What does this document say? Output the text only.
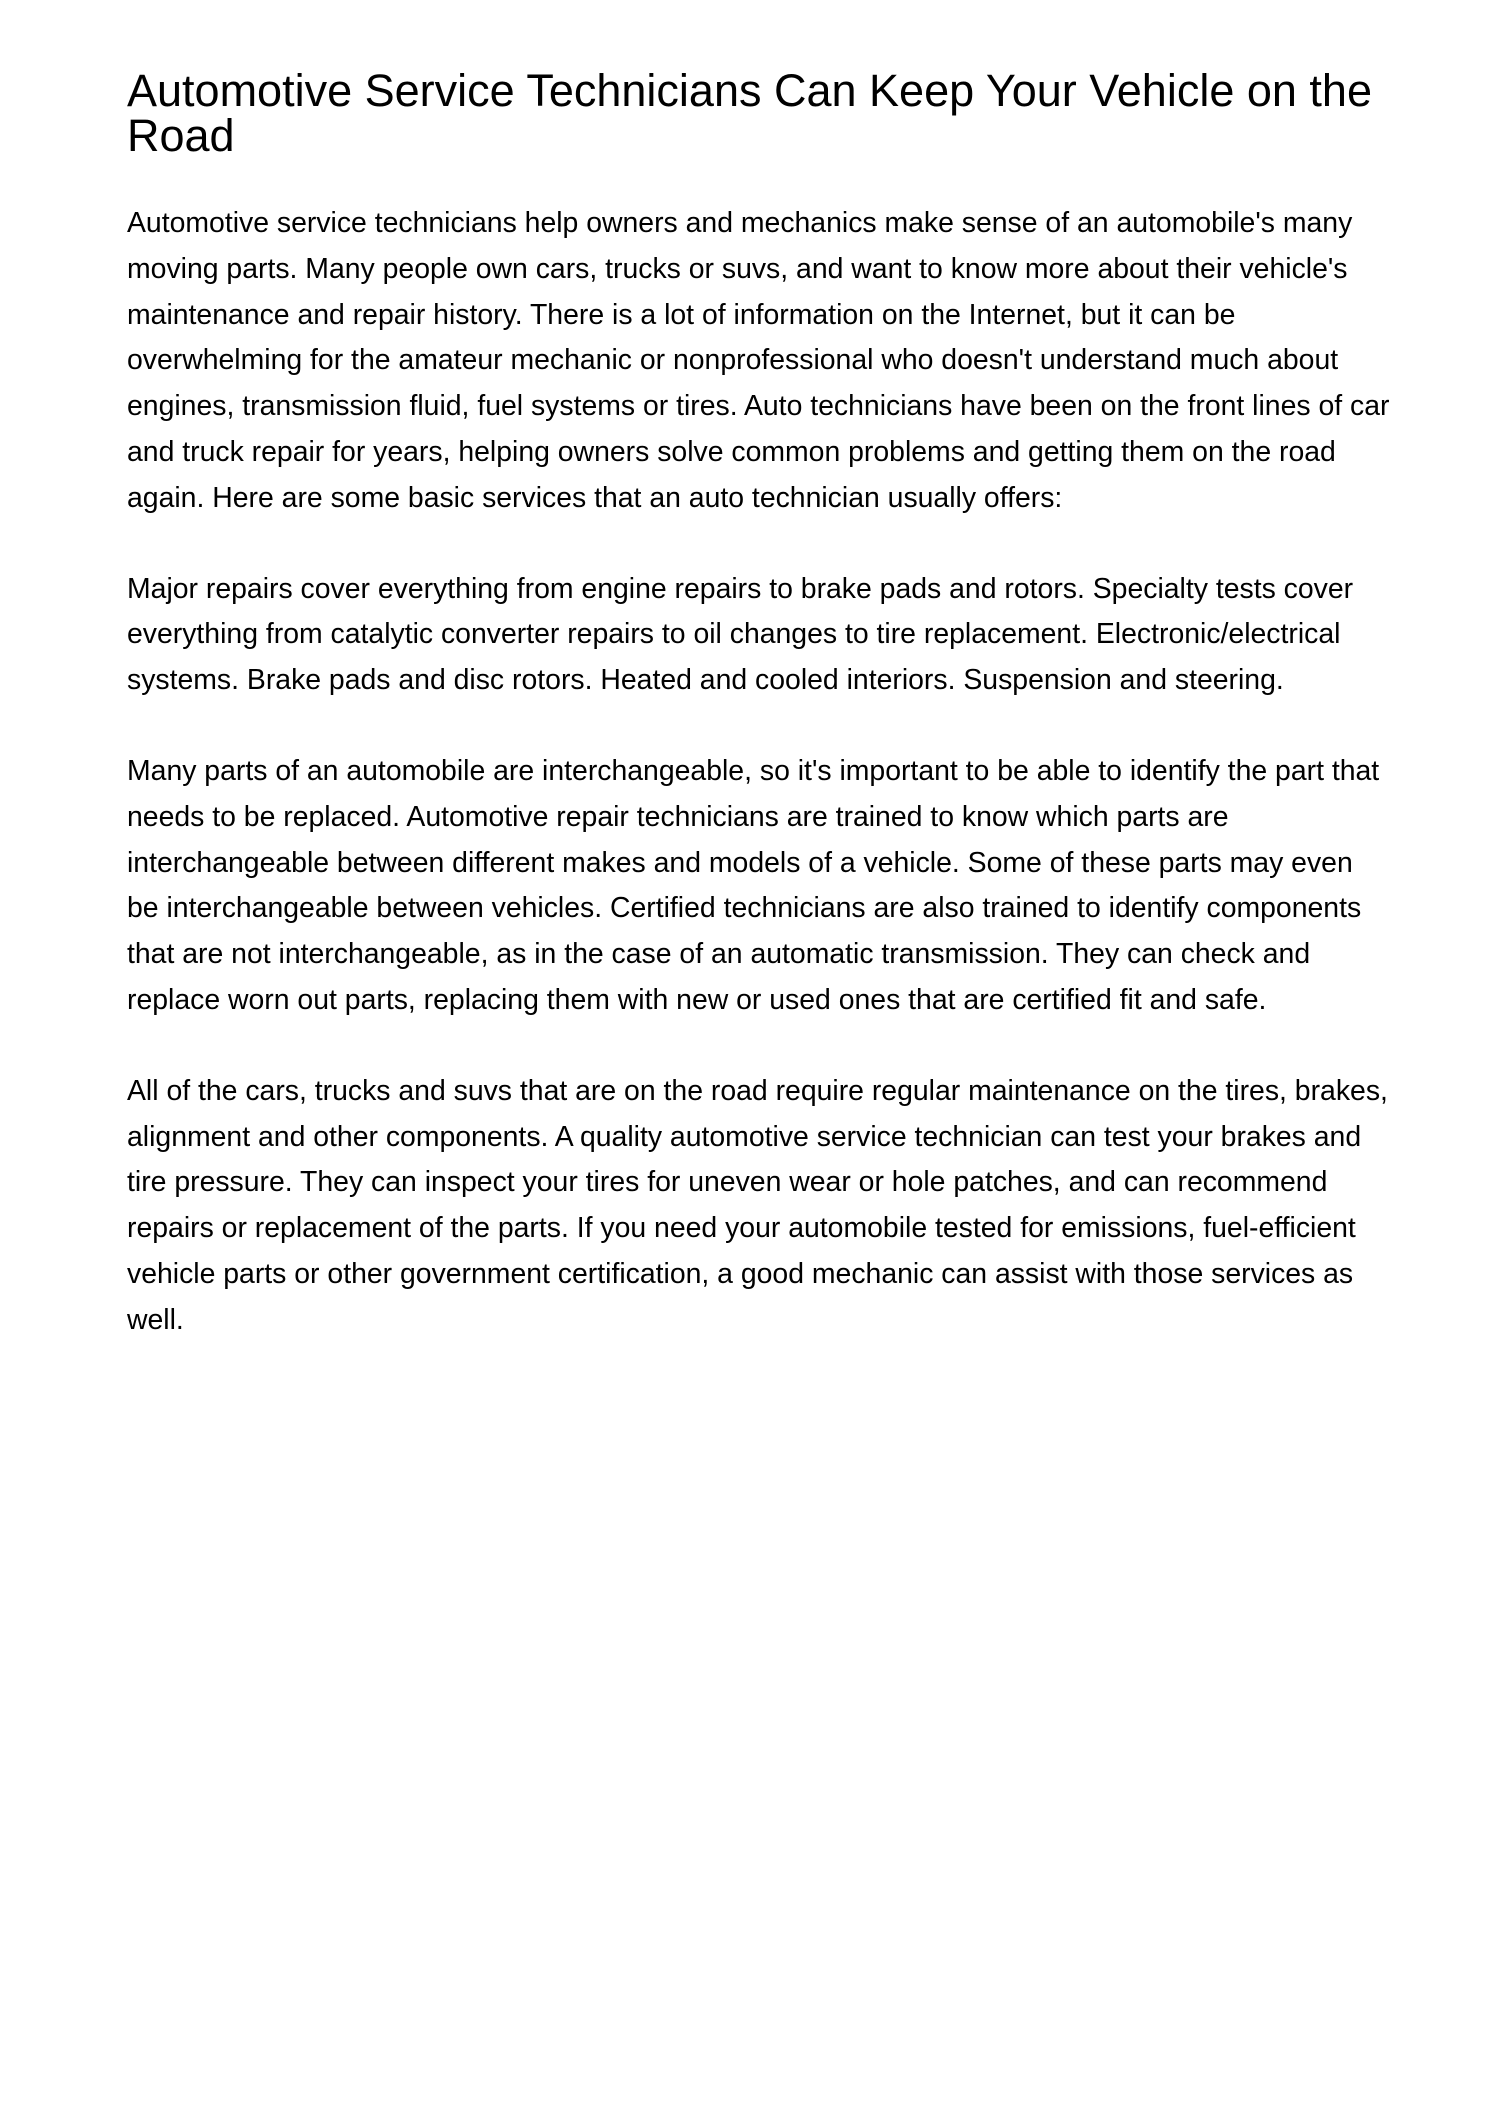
Automotive Service Technicians Can Keep Your Vehicle on the Road

Automotive service technicians help owners and mechanics make sense of an automobile's many moving parts. Many people own cars, trucks or suvs, and want to know more about their vehicle's maintenance and repair history. There is a lot of information on the Internet, but it can be overwhelming for the amateur mechanic or nonprofessional who doesn't understand much about engines, transmission fluid, fuel systems or tires. Auto technicians have been on the front lines of car and truck repair for years, helping owners solve common problems and getting them on the road again. Here are some basic services that an auto technician usually offers:

Major repairs cover everything from engine repairs to brake pads and rotors. Specialty tests cover everything from catalytic converter repairs to oil changes to tire replacement. Electronic/electrical systems. Brake pads and disc rotors. Heated and cooled interiors. Suspension and steering.

Many parts of an automobile are interchangeable, so it's important to be able to identify the part that needs to be replaced. Automotive repair technicians are trained to know which parts are interchangeable between different makes and models of a vehicle. Some of these parts may even be interchangeable between vehicles. Certified technicians are also trained to identify components that are not interchangeable, as in the case of an automatic transmission. They can check and replace worn out parts, replacing them with new or used ones that are certified fit and safe.

All of the cars, trucks and suvs that are on the road require regular maintenance on the tires, brakes, alignment and other components. A quality automotive service technician can test your brakes and tire pressure. They can inspect your tires for uneven wear or hole patches, and can recommend repairs or replacement of the parts. If you need your automobile tested for emissions, fuel-efficient vehicle parts or other government certification, a good mechanic can assist with those services as well.
